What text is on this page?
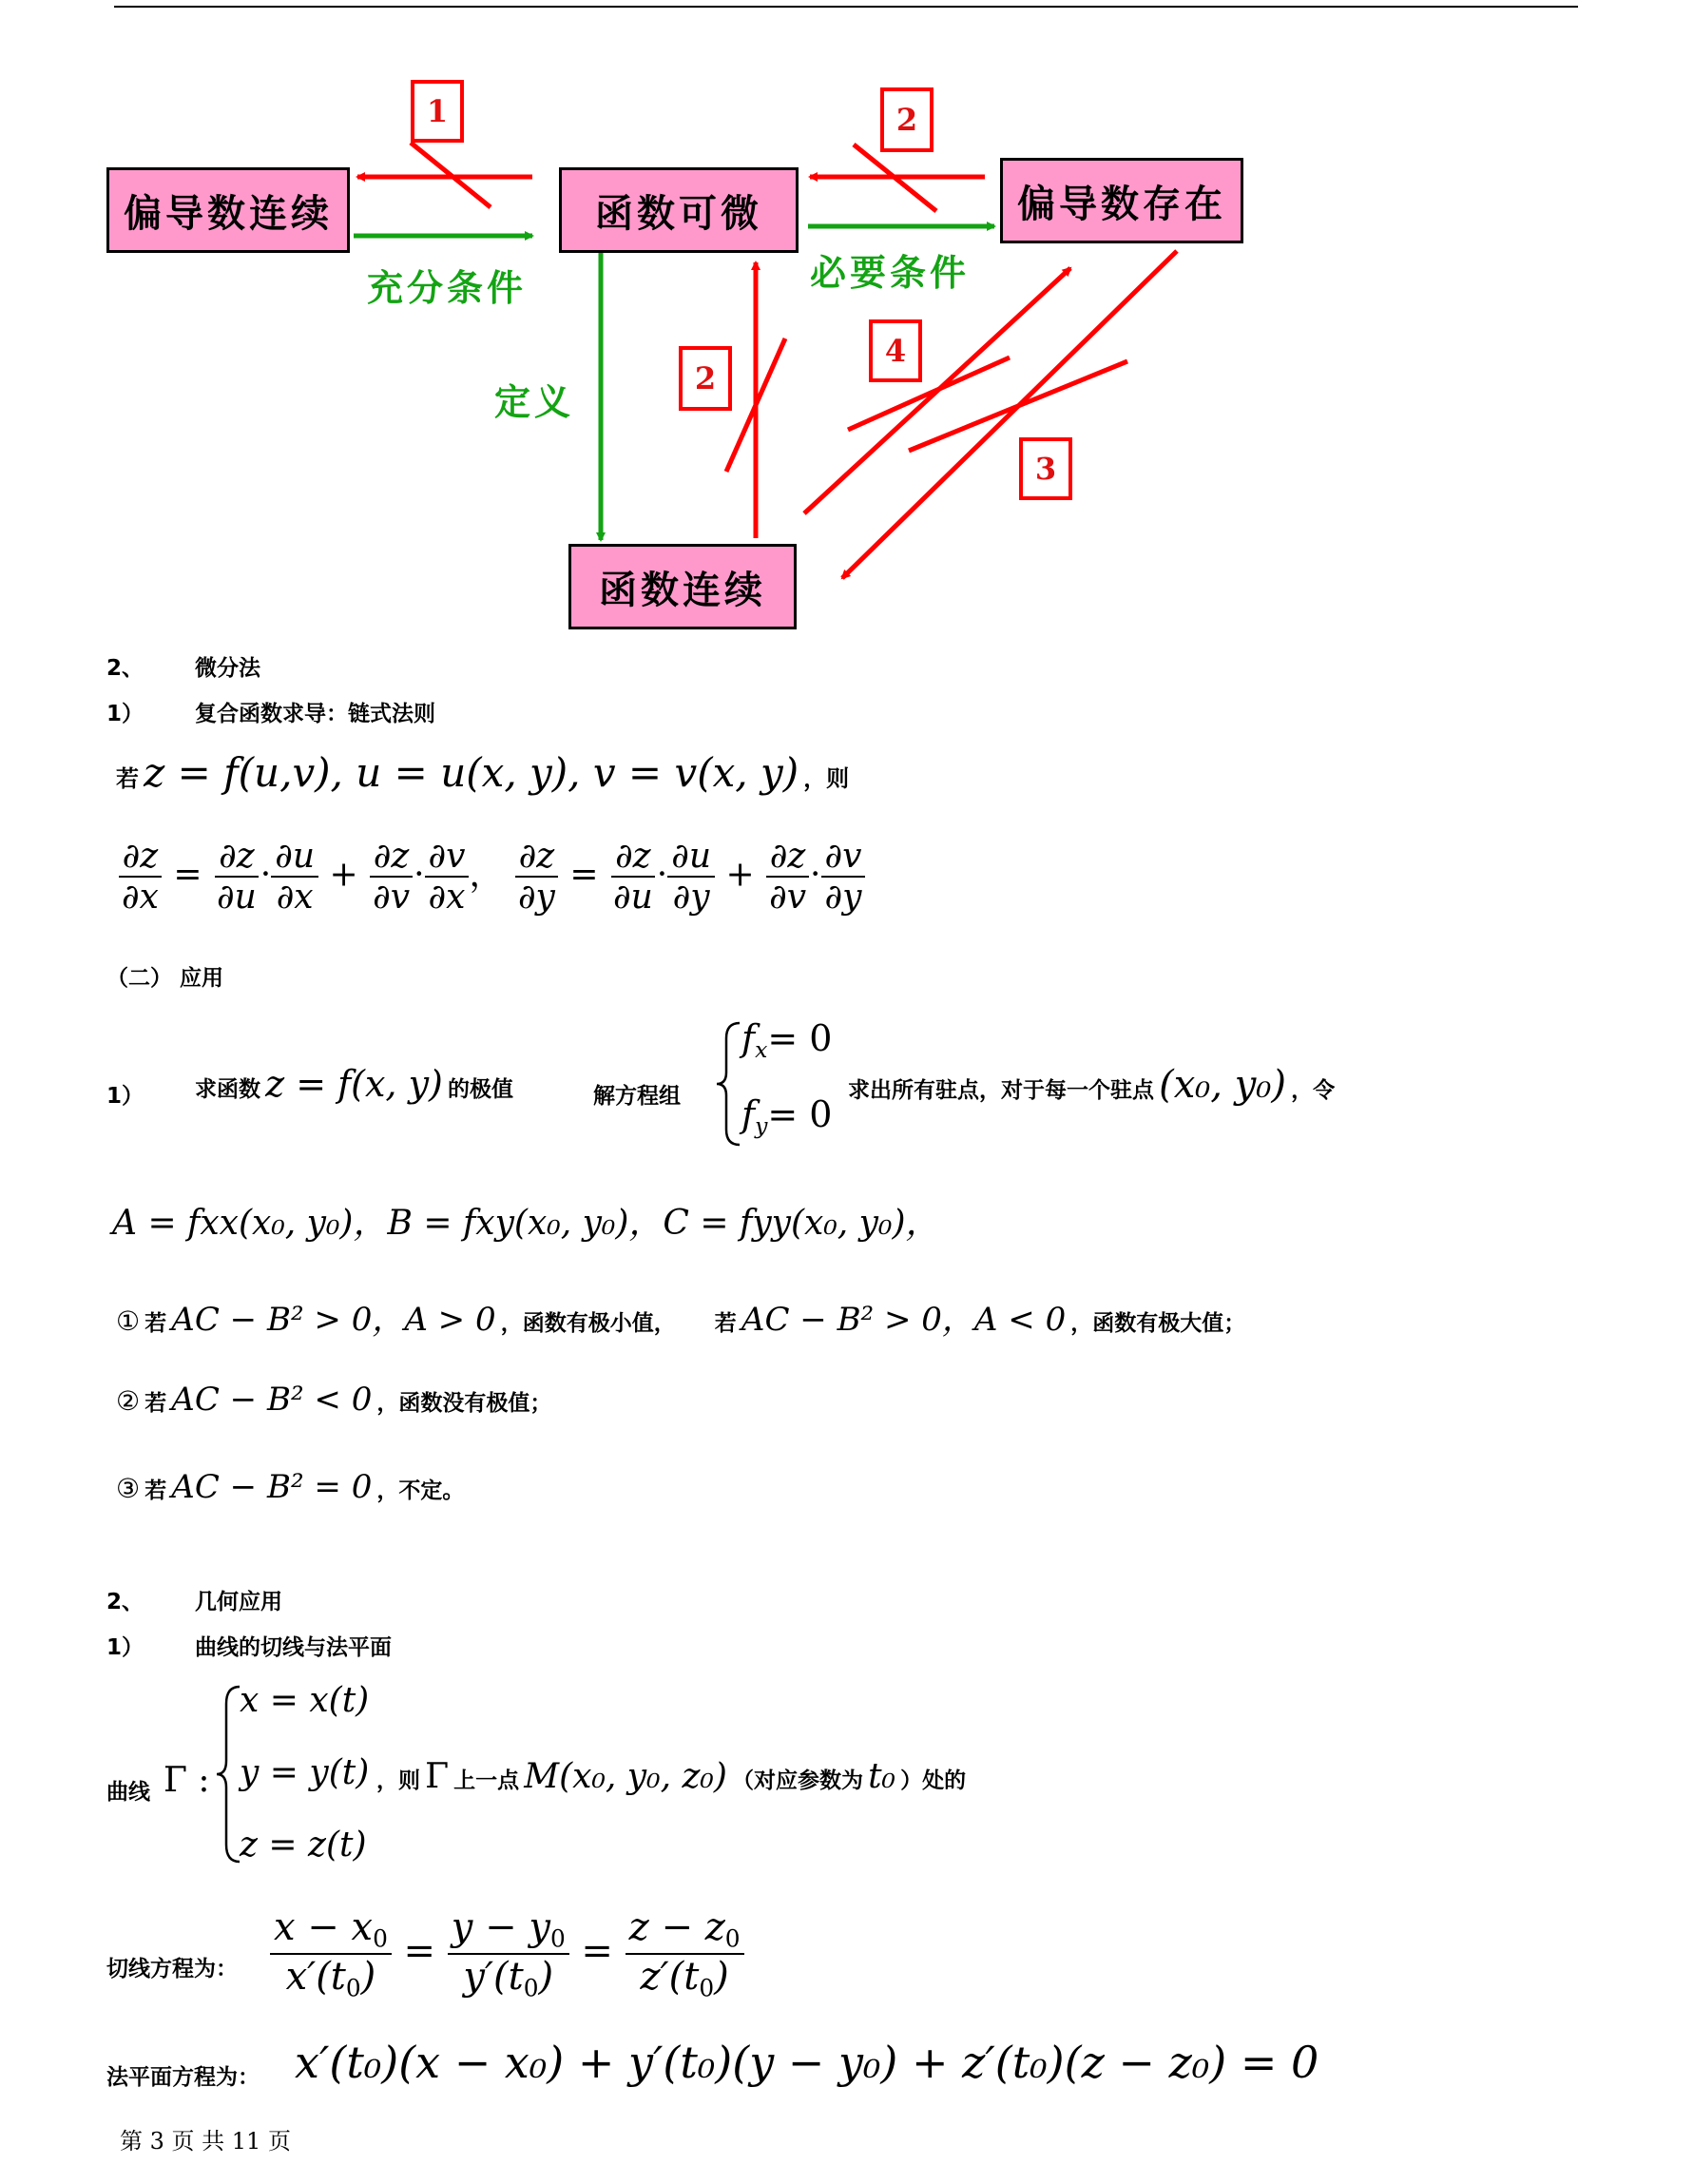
偏导数连续	函数可微	偏导数存在
函数连续
充分条件	必要条件
定义
1	2
2
4
3
2、 微分法
1） 复合函数求导：链式法则
若 z = f(u,v), u = u(x, y), v = v(x, y) ，则
$\frac{\partial z}{\partial x} = \frac{\partial z}{\partial u} \cdot \frac{\partial u}{\partial x} + \frac{\partial z}{\partial v} \cdot \frac{\partial v}{\partial x}$ ， $\frac{\partial z}{\partial y} = \frac{\partial z}{\partial u} \cdot \frac{\partial u}{\partial y} + \frac{\partial z}{\partial v} \cdot \frac{\partial v}{\partial y}$
（二） 应用
1） 求函数 z = f(x, y) 的极值	解方程组
$f_x= 0$
$f_y= 0$
求出所有驻点，对于每一个驻点 (x₀, y₀) ，令
A = fxx(x₀, y₀)，B = fxy(x₀, y₀)，C = fyy(x₀, y₀)，
① 若 AC − B² > 0，A > 0 ，函数有极小值， 若 AC − B² > 0，A < 0 ，函数有极大值；
② 若 AC − B² < 0 ，函数没有极值；
③ 若 AC − B² = 0 ，不定。
2、 几何应用
1） 曲线的切线与法平面
曲线 Γ :
x = x(t)
y = y(t)
z = z(t)
，则 Γ 上一点 M(x₀, y₀, z₀) （对应参数为 t₀ ）处的
切线方程为： $\frac{x - x_0}{x'(t_0)} = \frac{y - y_0}{y'(t_0)} = \frac{z - z_0}{z'(t_0)}$
法平面方程为： x′(t₀)(x − x₀) + y′(t₀)(y − y₀) + z′(t₀)(z − z₀) = 0
第 3 页 共 11 页
